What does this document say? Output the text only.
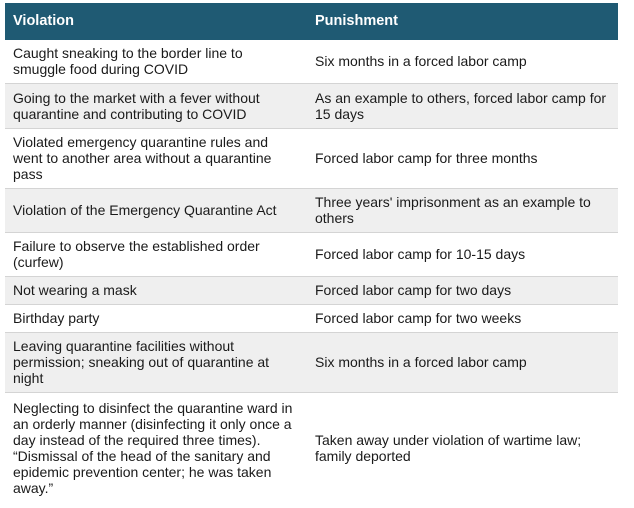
Violation	Punishment
Caught sneaking to the border line to smuggle food during COVID	Six months in a forced labor camp
Going to the market with a fever without quarantine and contributing to COVID	As an example to others, forced labor camp for 15 days
Violated emergency quarantine rules and went to another area without a quarantine pass	Forced labor camp for three months
Violation of the Emergency Quarantine Act	Three years' imprisonment as an example to others
Failure to observe the established order (curfew)	Forced labor camp for 10-15 days
Not wearing a mask	Forced labor camp for two days
Birthday party	Forced labor camp for two weeks
Leaving quarantine facilities without permission; sneaking out of quarantine at night	Six months in a forced labor camp
Neglecting to disinfect the quarantine ward in an orderly manner (disinfecting it only once a day instead of the required three times). “Dismissal of the head of the sanitary and epidemic prevention center; he was taken away.”	Taken away under violation of wartime law; family deported
